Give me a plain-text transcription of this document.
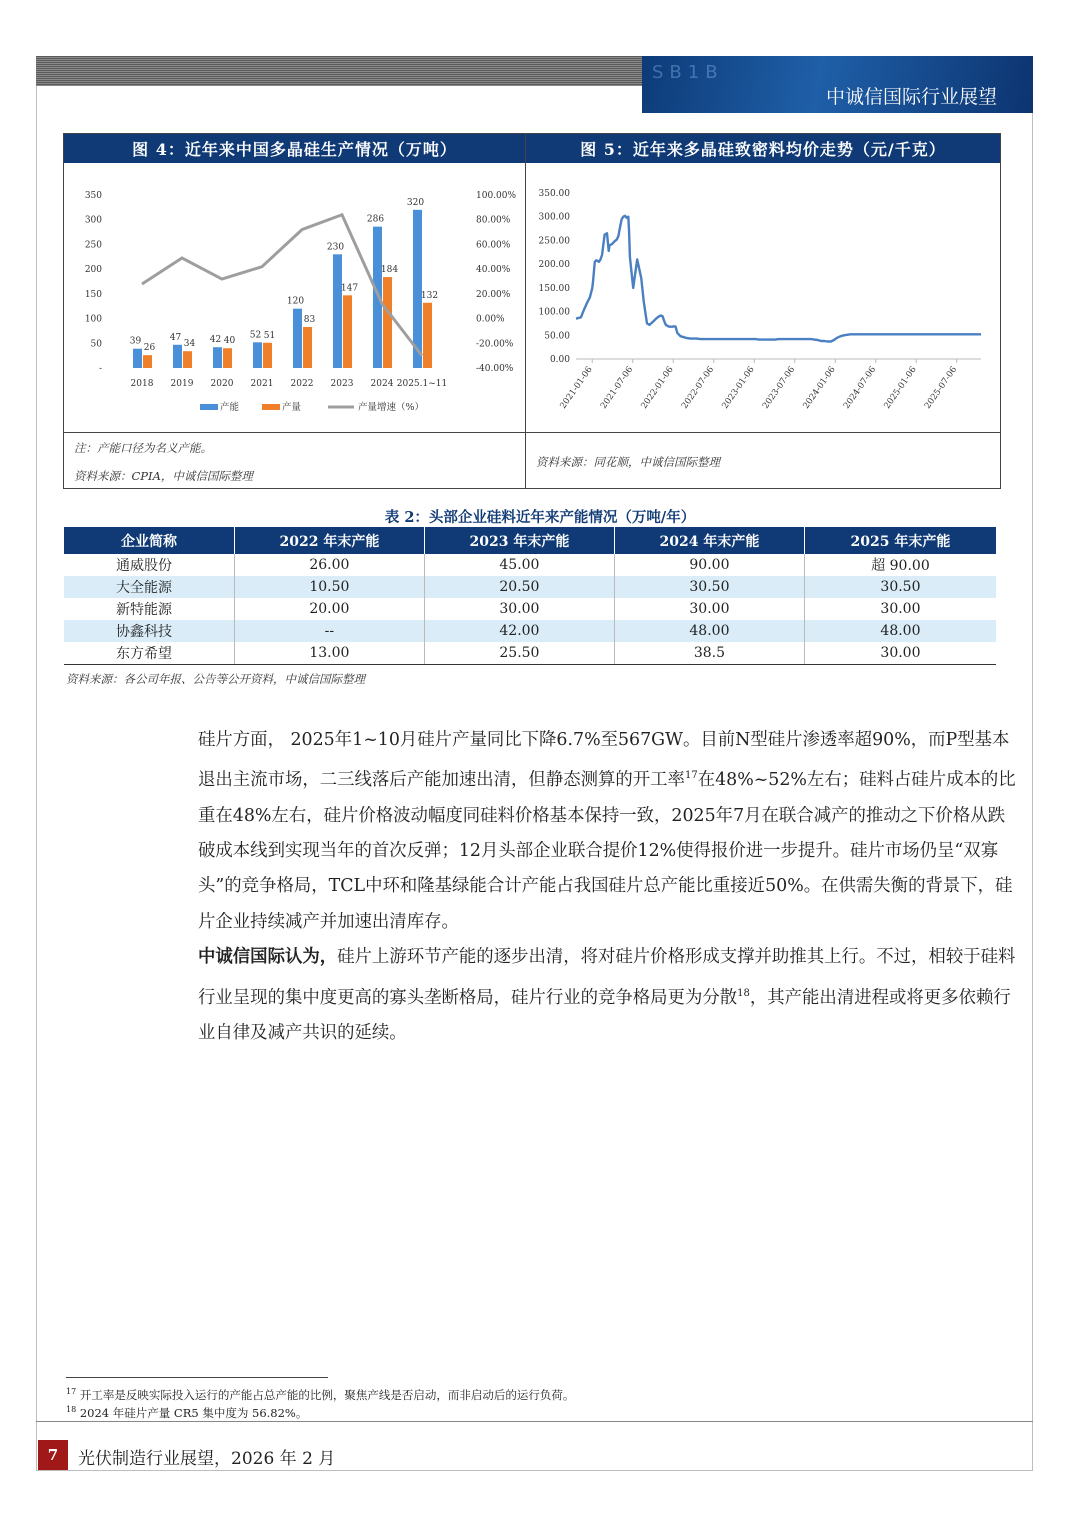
SB1B
中诚信国际行业展望
图 4：近年来中国多晶硅生产情况（万吨）
注：产能口径为名义产能。
资料来源：CPIA，中诚信国际整理
350
300
250
200
150
100
50
-
100.00%
80.00%
60.00%
40.00%
20.00%
0.00%
-20.00%
-40.00%
39
26
2018
47
34
2019
42 40
2020
52 51
2021
120
83
2022
230
147
2023
286
184
2024
320
132
2025.1~11
产能	产量	产量增速（%）
图 5：近年来多晶硅致密料均价走势（元/千克）
资料来源：同花顺，中诚信国际整理
350.00
300.00
250.00
200.00
150.00
100.00
50.00
0.00
2021-01-06 2021-07-06 2022-01-06 2022-07-06 2023-01-06 2023-07-06 2024-01-06 2024-07-06 2025-01-06 2025-07-06
表 2：头部企业硅料近年来产能情况（万吨/年）
企业简称	2022 年末产能	2023 年末产能	2024 年末产能	2025 年末产能
通威股份	26.00	45.00	90.00	超 90.00
大全能源	10.50	20.50	30.50	30.50
新特能源	20.00	30.00	30.00	30.00
协鑫科技	--	42.00	48.00	48.00
东方希望	13.00	25.50	38.5	30.00
资料来源：各公司年报、公告等公开资料，中诚信国际整理

硅片方面， 2025年1~10月硅片产量同比下降6.7%至567GW。目前N型硅片渗透率超90%，而P型基本退出主流市场，二三线落后产能加速出清，但静态测算的开工率$^{17}$在48%~52%左右；硅料占硅片成本的比重在48%左右，硅片价格波动幅度同硅料价格基本保持一致，2025年7月在联合减产的推动之下价格从跌破成本线到实现当年的首次反弹；12月头部企业联合提价12%使得报价进一步提升。硅片市场仍呈“双寡头”的竞争格局，TCL中环和隆基绿能合计产能占我国硅片总产能比重接近50%。在供需失衡的背景下，硅片企业持续减产并加速出清库存。

中诚信国际认为，硅片上游环节产能的逐步出清，将对硅片价格形成支撑并助推其上行。不过，相较于硅料行业呈现的集中度更高的寡头垄断格局，硅片行业的竞争格局更为分散$^{18}$，其产能出清进程或将更多依赖行业自律及减产共识的延续。

$^{17}$ 开工率是反映实际投入运行的产能占总产能的比例，聚焦产线是否启动，而非启动后的运行负荷。
$^{18}$ 2024 年硅片产量 CR5 集中度为 56.82%。
7	光伏制造行业展望，2026 年 2 月
